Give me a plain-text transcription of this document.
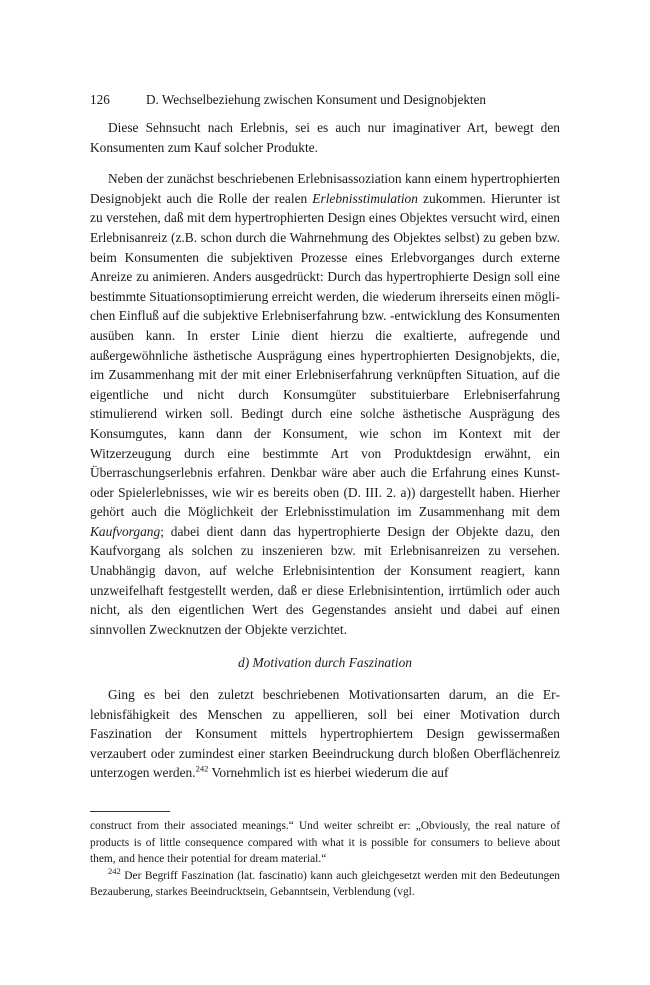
126	D. Wechselbeziehung zwischen Konsument und Designobjekten

Diese Sehnsucht nach Erlebnis, sei es auch nur imaginativer Art, bewegt den Konsumenten zum Kauf solcher Produkte.

Neben der zunächst beschriebenen Erlebnisassoziation kann einem hypertrophierten Designobjekt auch die Rolle der realen Erlebnisstimulation zukommen. Hierunter ist zu verstehen, daß mit dem hypertrophierten Design eines Objektes versucht wird, einen Erlebnisanreiz (z.B. schon durch die Wahrnehmung des Objektes selbst) zu geben bzw. beim Konsumenten die subjektiven Prozesse eines Erlebvorganges durch externe Anreize zu animieren. Anders ausgedrückt: Durch das hypertrophierte Design soll eine bestimmte Situationsoptimierung erreicht werden, die wiederum ihrerseits einen möglichen Einfluß auf die subjektive Erlebniserfahrung bzw. -entwicklung des Konsumenten ausüben kann. In erster Linie dient hierzu die exaltierte, aufregende und außergewöhnliche ästhetische Ausprägung eines hypertrophierten Designobjekts, die, im Zusammenhang mit der mit einer Erlebniserfahrung verknüpften Situation, auf die eigentliche und nicht durch Konsumgüter substituierbare Erlebniserfahrung stimulierend wirken soll. Bedingt durch eine solche ästhetische Ausprägung des Konsumgutes, kann dann der Konsument, wie schon im Kontext mit der Witzerzeugung durch eine bestimmte Art von Produktdesign erwähnt, ein Überraschungserlebnis erfahren. Denkbar wäre aber auch die Erfahrung eines Kunst- oder Spielerlebnisses, wie wir es bereits oben (D. III. 2. a)) dargestellt haben. Hierher gehört auch die Möglichkeit der Erlebnisstimulation im Zusammenhang mit dem Kaufvorgang; dabei dient dann das hypertrophierte Design der Objekte dazu, den Kaufvorgang als solchen zu inszenieren bzw. mit Erlebnisanreizen zu versehen. Unabhängig davon, auf welche Erlebnisintention der Konsument reagiert, kann unzweifelhaft festgestellt werden, daß er diese Erlebnisintention, irrtümlich oder auch nicht, als den eigentlichen Wert des Gegenstandes ansieht und dabei auf einen sinnvollen Zwecknutzen der Objekte verzichtet.

d) Motivation durch Faszination

Ging es bei den zuletzt beschriebenen Motivationsarten darum, an die Erlebnisfähigkeit des Menschen zu appellieren, soll bei einer Motivation durch Faszination der Konsument mittels hypertrophiertem Design gewissermaßen verzaubert oder zumindest einer starken Beeindruckung durch bloßen Oberflächenreiz unterzogen werden.$^{242}$ Vornehmlich ist es hierbei wiederum die auf

construct from their associated meanings.“ Und weiter schreibt er: „Obviously, the real nature of products is of little consequence compared with what it is possible for consumers to believe about them, and hence their potential for dream material.“

$^{242}$ Der Begriff Faszination (lat. fascinatio) kann auch gleichgesetzt werden mit den Bedeutungen Bezauberung, starkes Beeindrucktsein, Gebanntsein, Verblendung (vgl.
